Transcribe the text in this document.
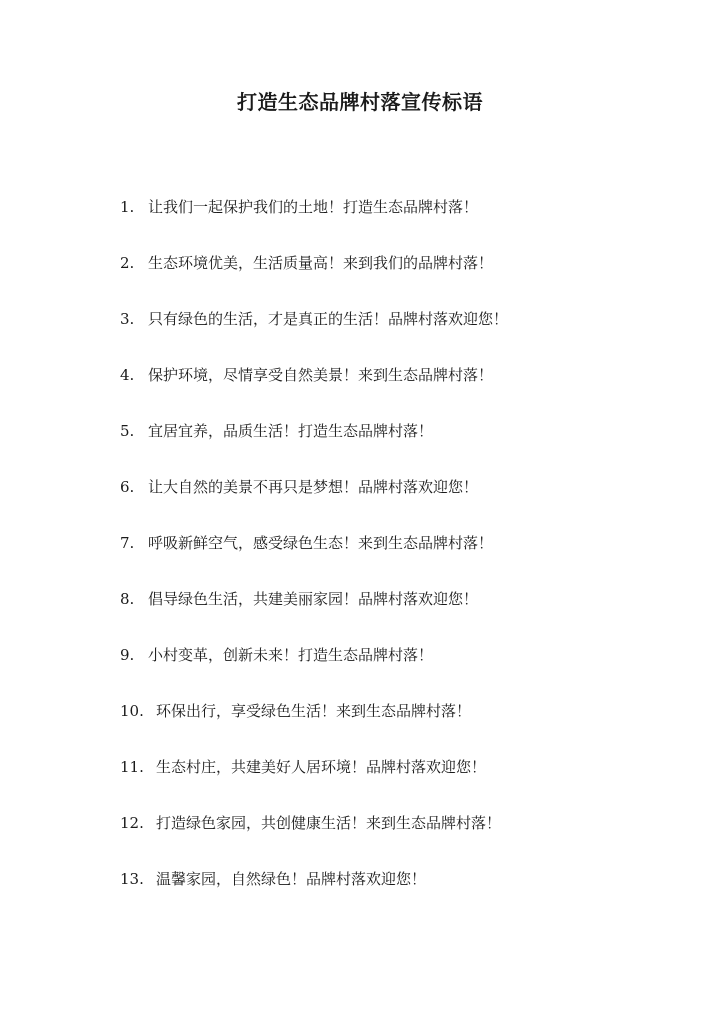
打造生态品牌村落宣传标语
1. 让我们一起保护我们的土地！打造生态品牌村落！
2. 生态环境优美，生活质量高！来到我们的品牌村落！
3. 只有绿色的生活，才是真正的生活！品牌村落欢迎您！
4. 保护环境，尽情享受自然美景！来到生态品牌村落！
5. 宜居宜养，品质生活！打造生态品牌村落！
6. 让大自然的美景不再只是梦想！品牌村落欢迎您！
7. 呼吸新鲜空气，感受绿色生态！来到生态品牌村落！
8. 倡导绿色生活，共建美丽家园！品牌村落欢迎您！
9. 小村变革，创新未来！打造生态品牌村落！
10. 环保出行，享受绿色生活！来到生态品牌村落！
11. 生态村庄，共建美好人居环境！品牌村落欢迎您！
12. 打造绿色家园，共创健康生活！来到生态品牌村落！
13. 温馨家园，自然绿色！品牌村落欢迎您！
